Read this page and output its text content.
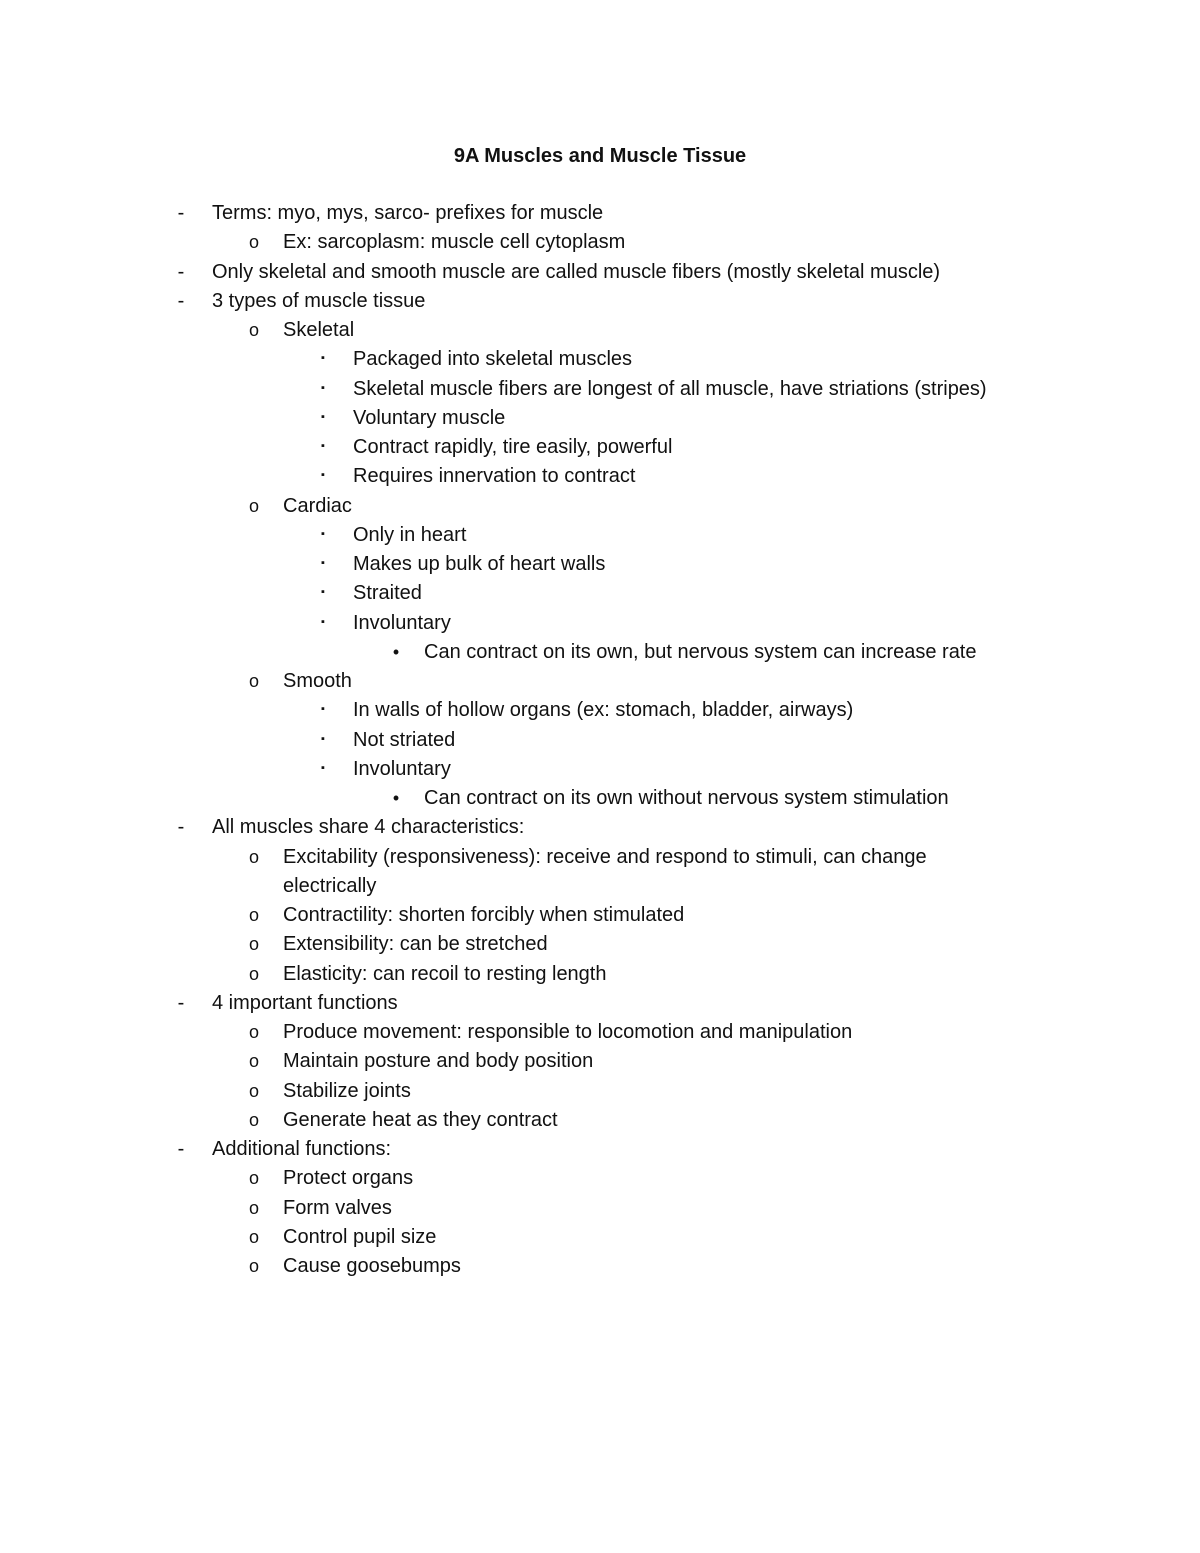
9A Muscles and Muscle Tissue
-	Terms: myo, mys, sarco- prefixes for muscle
o	Ex: sarcoplasm: muscle cell cytoplasm
-	Only skeletal and smooth muscle are called muscle fibers (mostly skeletal muscle)
-	3 types of muscle tissue
o	Skeletal
▪	Packaged into skeletal muscles
▪	Skeletal muscle fibers are longest of all muscle, have striations (stripes)
▪	Voluntary muscle
▪	Contract rapidly, tire easily, powerful
▪	Requires innervation to contract
o	Cardiac
▪	Only in heart
▪	Makes up bulk of heart walls
▪	Straited
▪	Involuntary
•	Can contract on its own, but nervous system can increase rate
o	Smooth
▪	In walls of hollow organs (ex: stomach, bladder, airways)
▪	Not striated
▪	Involuntary
•	Can contract on its own without nervous system stimulation
-	All muscles share 4 characteristics:
o	Excitability (responsiveness): receive and respond to stimuli, can change
electrically
o	Contractility: shorten forcibly when stimulated
o	Extensibility: can be stretched
o	Elasticity: can recoil to resting length
-	4 important functions
o	Produce movement: responsible to locomotion and manipulation
o	Maintain posture and body position
o	Stabilize joints
o	Generate heat as they contract
-	Additional functions:
o	Protect organs
o	Form valves
o	Control pupil size
o	Cause goosebumps
